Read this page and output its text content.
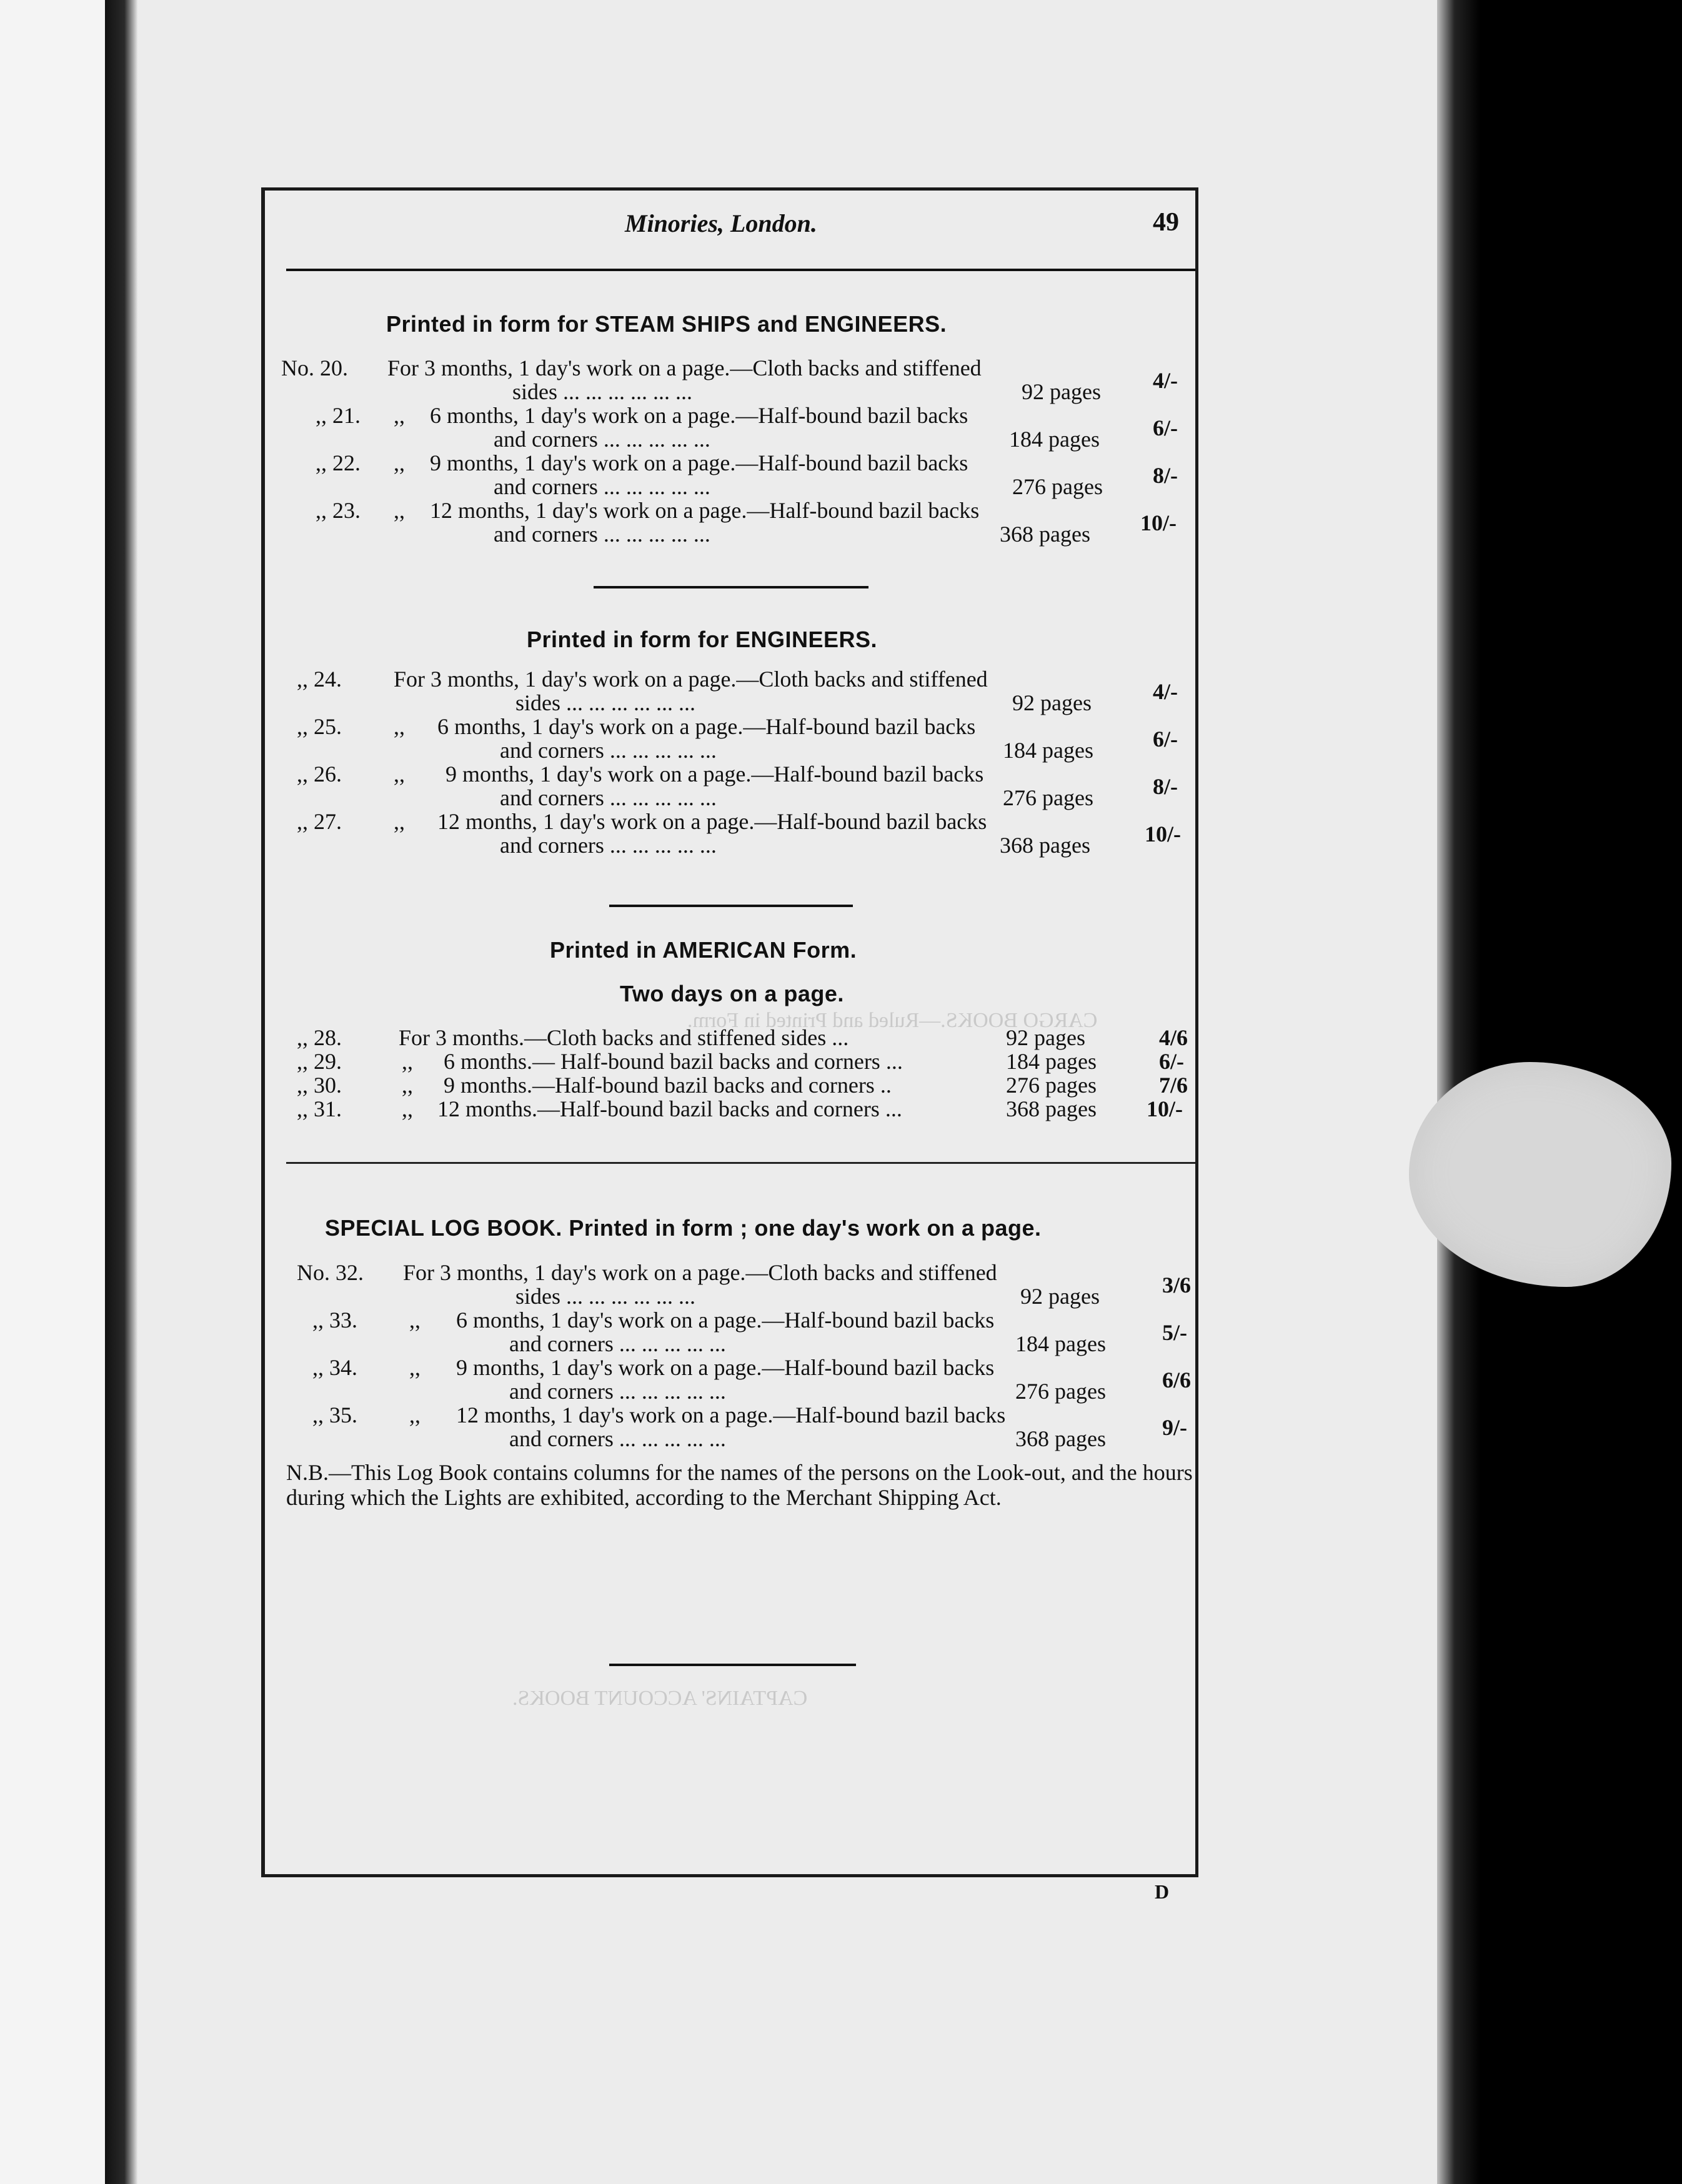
CAPTAINS' ACCOUNT BOOKS.
CARGO BOOKS.—Ruled and Printed in Form.
Minories, London.	49
Printed in form for STEAM SHIPS and ENGINEERS.
No. 20. For 3 months, 1 day's work on a page.—Cloth backs and stiffened
sides ... ... ... ... ... ...	92 pages 4/-
,, 21. ,, 6 months, 1 day's work on a page.—Half-bound bazil backs
and corners ... ... ... ... ...	184 pages 6/-
,, 22. ,, 9 months, 1 day's work on a page.—Half-bound bazil backs
and corners ... ... ... ... ...	276 pages 8/-
,, 23. ,, 12 months, 1 day's work on a page.—Half-bound bazil backs
and corners ... ... ... ... ...	368 pages 10/-
Printed in form for ENGINEERS.
,, 24. For 3 months, 1 day's work on a page.—Cloth backs and stiffened
sides ... ... ... ... ... ...	92 pages	4/-
,, 25. ,, 6 months, 1 day's work on a page.—Half-bound bazil backs
and corners ... ... ... ... ...	184 pages	6/-
,, 26. ,, 9 months, 1 day's work on a page.—Half-bound bazil backs
and corners ... ... ... ... ...	276 pages	8/-
,, 27. ,, 12 months, 1 day's work on a page.—Half-bound bazil backs
and corners ... ... ... ... ...	368 pages 10/-
Printed in AMERICAN Form.
Two days on a page.
,, 28.	For 3 months.—Cloth backs and stiffened sides ...	92 pages	4/6
,, 29.	,, 6 months.— Half-bound bazil backs and corners ...	184 pages	6/-
,, 30.	,, 9 months.—Half-bound bazil backs and corners ..	276 pages	7/6
,, 31.	,, 12 months.—Half-bound bazil backs and corners ...	368 pages 10/-
SPECIAL LOG BOOK. Printed in form ; one day's work on a page.
No. 32. For 3 months, 1 day's work on a page.—Cloth backs and stiffened
sides ... ... ... ... ... ...	92 pages	3/6
,, 33. ,, 6 months, 1 day's work on a page.—Half-bound bazil backs
and corners ... ... ... ... ...	184 pages	5/-
,, 34. ,, 9 months, 1 day's work on a page.—Half-bound bazil backs
and corners ... ... ... ... ...	276 pages	6/6
,, 35. ,, 12 months, 1 day's work on a page.—Half-bound bazil backs
and corners ... ... ... ... ...	368 pages	9/-
N.B.—This Log Book contains columns for the names of the persons on the Look-out, and the hours during which the Lights are exhibited, according to the Merchant Shipping Act.
D
